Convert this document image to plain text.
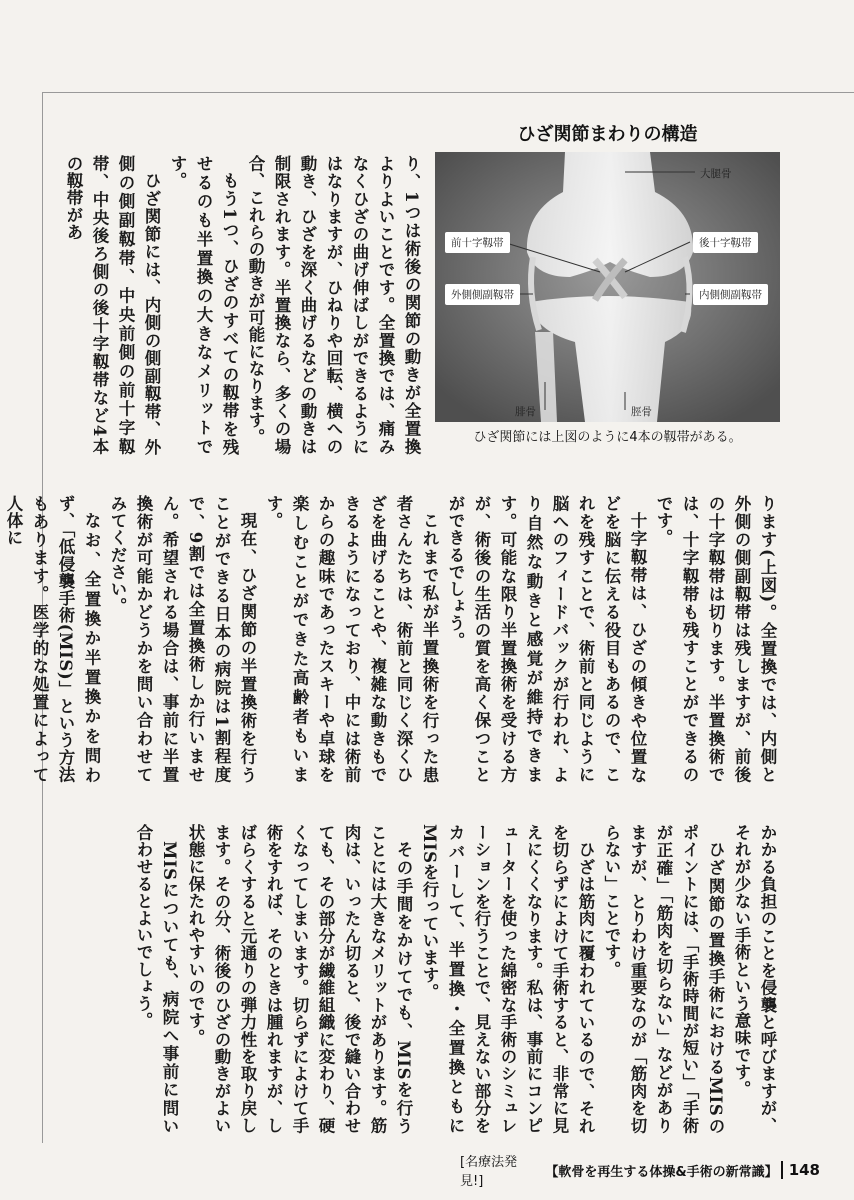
ひざ関節まわりの構造
大腿骨
前十字靱帯	後十字靱帯
外側側副靱帯	内側側副靱帯
腓骨	脛骨
ひざ関節には上図のように4本の靱帯がある。

り、1つは術後の関節の動きが全置換よりよいことです。全置換では、痛みなくひざの曲げ伸ばしができるようにはなりますが、ひねりや回転、横への動き、ひざを深く曲げるなどの動きは制限されます。半置換なら、多くの場合、これらの動きが可能になります。

もう1つ、ひざのすべての靱帯を残せるのも半置換の大きなメリットです。

ひざ関節には、内側の側副靱帯、外側の側副靱帯、中央前側の前十字靱帯、中央後ろ側の後十字靱帯など4本の靱帯があ

ります(上図)。全置換では、内側と外側の側副靱帯は残しますが、前後の十字靱帯は切ります。半置換術では、十字靱帯も残すことができるのです。

十字靱帯は、ひざの傾きや位置などを脳に伝える役目もあるので、これを残すことで、術前と同じように脳へのフィードバックが行われ、より自然な動きと感覚が維持できます。可能な限り半置換術を受ける方が、術後の生活の質を高く保つことができるでしょう。

これまで私が半置換術を行った患者さんたちは、術前と同じく深くひざを曲げることや、複雑な動きもできるようになっており、中には術前からの趣味であったスキーや卓球を楽しむことができた高齢者もいます。

現在、ひざ関節の半置換術を行うことができる日本の病院は1割程度で、9割では全置換術しか行いません。希望される場合は、事前に半置換術が可能かどうかを問い合わせてみてください。

なお、全置換か半置換かを問わず、「低侵襲手術(MIS)」という方法もあります。医学的な処置によって人体に

かかる負担のことを侵襲と呼びますが、それが少ない手術という意味です。

ひざ関節の置換手術におけるMISのポイントには、「手術時間が短い」「手術が正確」「筋肉を切らない」などがありますが、とりわけ重要なのが「筋肉を切らない」ことです。

ひざは筋肉に覆われているので、それを切らずによけて手術すると、非常に見えにくくなります。私は、事前にコンピューターを使った綿密な手術のシミュレーションを行うことで、見えない部分をカバーして、半置換・全置換ともにMISを行っています。

その手間をかけてでも、MISを行うことには大きなメリットがあります。筋肉は、いったん切ると、後で縫い合わせても、その部分が繊維組織に変わり、硬くなってしまいます。切らずによけて手術をすれば、そのときは腫れますが、しばらくすると元通りの弾力性を取り戻します。その分、術後のひざの動きがよい状態に保たれやすいのです。

MISについても、病院へ事前に問い合わせるとよいでしょう。

[名療法発見!]
【軟骨を再生する体操&手術の新常識】 148
